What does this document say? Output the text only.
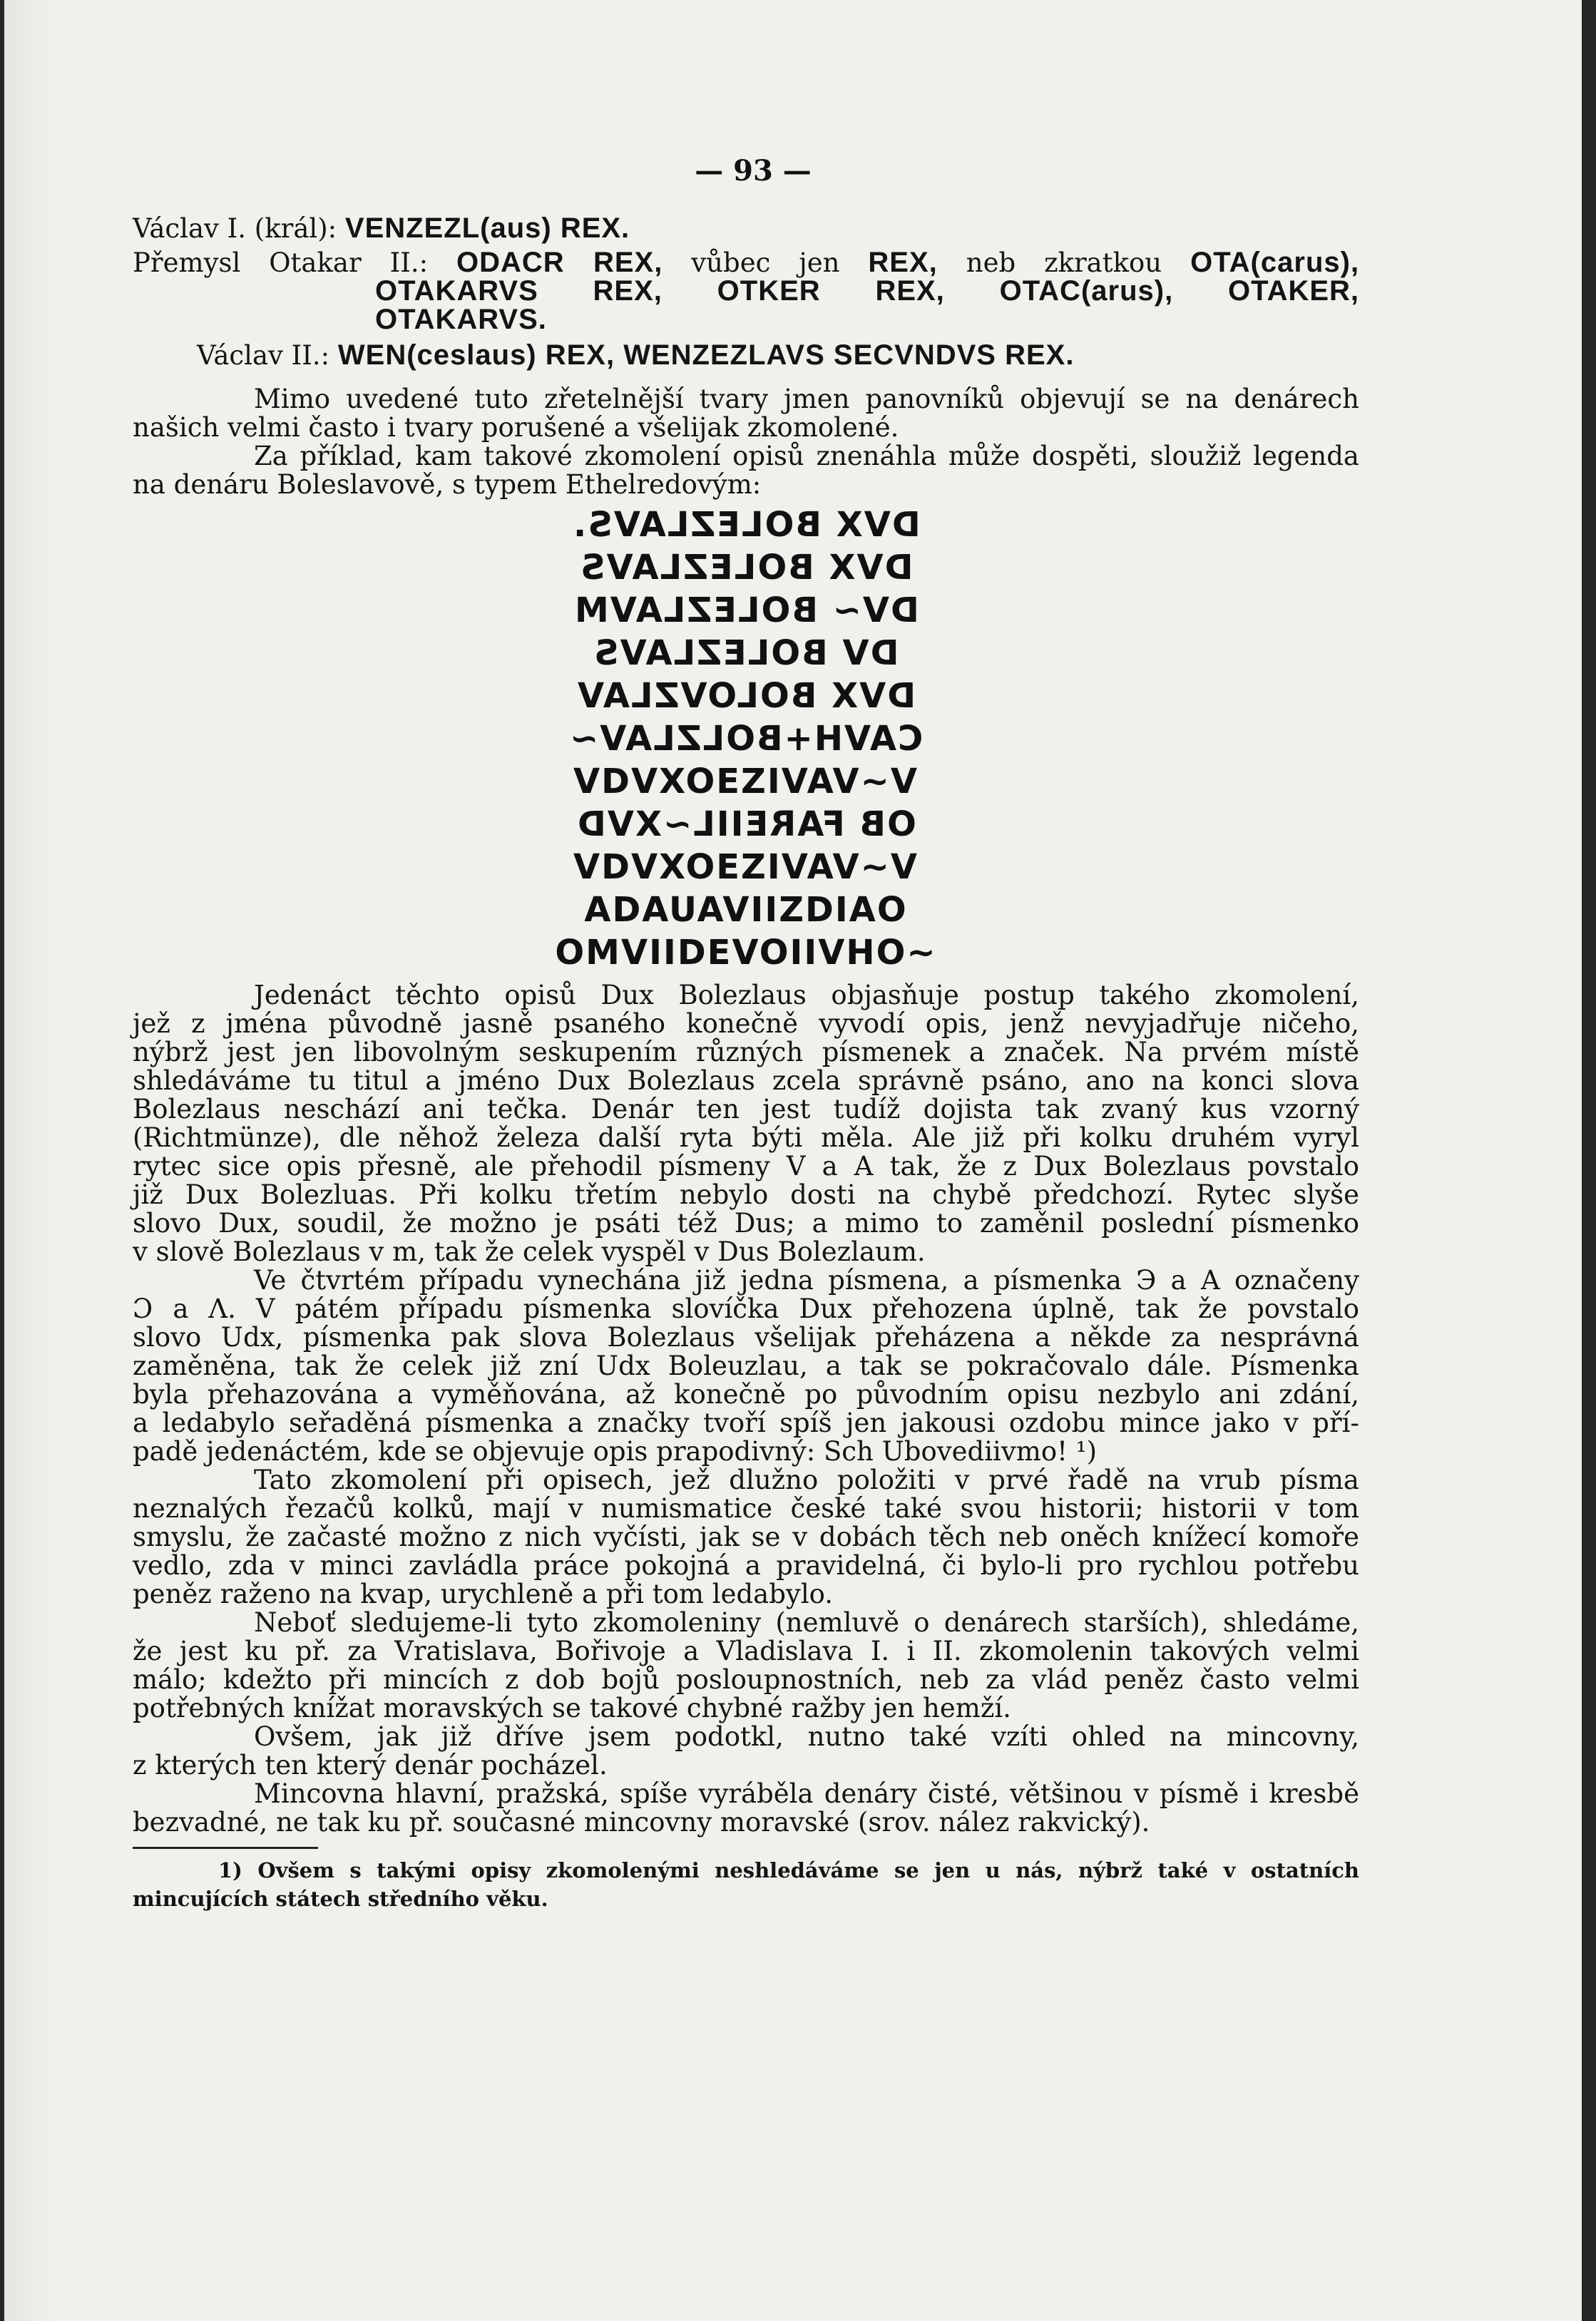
— 93 —
Václav I. (král): VENZEZL(aus) REX.
Přemysl Otakar II.: ODACR REX, vůbec jen REX, neb zkratkou OTA(carus),
OTAKARVS REX, OTKER REX, OTAC(arus), OTAKER,
OTAKARVS.
Václav II.: WEN(ceslaus) REX, WENZEZLAVS SECVNDVS REX.
Mimo uvedené tuto zřetelnější tvary jmen panovníků objevují se na denárech
našich velmi často i tvary porušené a všelijak zkomolené.
Za příklad, kam takové zkomolení opisů znenáhla může dospěti, sloužiž legenda
na denáru Boleslavově, s typem Ethelredovým:
DVX BOLEZLAVS.
DVX BOLEZLAVS
DV~ BOLEZLAVM
DV BOLEZLAVS
DVX BOLOVZLAV
CAVH+BOLZLAV~
VDVXOEZIVAV~V
OB FAREIIL~XVD
VDVXOEZIVAV~V
ADAUAVIIZDIAO
OMVIIDEVOIIVHO~
Jedenáct těchto opisů Dux Bolezlaus objasňuje postup takého zkomolení,
jež z jména původně jasně psaného konečně vyvodí opis, jenž nevyjadřuje ničeho,
nýbrž jest jen libovolným seskupením různých písmenek a značek. Na prvém místě
shledáváme tu titul a jméno Dux Bolezlaus zcela správně psáno, ano na konci slova
Bolezlaus neschází ani tečka. Denár ten jest tudíž dojista tak zvaný kus vzorný
(Richtmünze), dle něhož železa další ryta býti měla. Ale již při kolku druhém vyryl
rytec sice opis přesně, ale přehodil písmeny V a A tak, že z Dux Bolezlaus povstalo
již Dux Bolezluas. Při kolku třetím nebylo dosti na chybě předchozí. Rytec slyše
slovo Dux, soudil, že možno je psáti též Dus; a mimo to zaměnil poslední písmenko
v slově Bolezlaus v m, tak že celek vyspěl v Dus Bolezlaum.
Ve čtvrtém případu vynechána již jedna písmena, a písmenka Э a A označeny
Ɔ a Λ. V pátém případu písmenka slovíčka Dux přehozena úplně, tak že povstalo
slovo Udx, písmenka pak slova Bolezlaus všelijak přeházena a někde za nesprávná
zaměněna, tak že celek již zní Udx Boleuzlau, a tak se pokračovalo dále. Písmenka
byla přehazována a vyměňována, až konečně po původním opisu nezbylo ani zdání,
a ledabylo seřaděná písmenka a značky tvoří spíš jen jakousi ozdobu mince jako v pří-
padě jedenáctém, kde se objevuje opis prapodivný: Sch Ubovediivmo! ¹)
Tato zkomolení při opisech, jež dlužno položiti v prvé řadě na vrub písma
neznalých řezačů kolků, mají v numismatice české také svou historii; historii v tom
smyslu, že začasté možno z nich vyčísti, jak se v dobách těch neb oněch knížecí komoře
vedlo, zda v minci zavládla práce pokojná a pravidelná, či bylo-li pro rychlou potřebu
peněz raženo na kvap, urychleně a při tom ledabylo.
Neboť sledujeme-li tyto zkomoleniny (nemluvě o denárech starších), shledáme,
že jest ku př. za Vratislava, Bořivoje a Vladislava I. i II. zkomolenin takových velmi
málo; kdežto při mincích z dob bojů posloupnostních, neb za vlád peněz často velmi
potřebných knížat moravských se takové chybné ražby jen hemží.
Ovšem, jak již dříve jsem podotkl, nutno také vzíti ohled na mincovny,
z kterých ten který denár pocházel.
Mincovna hlavní, pražská, spíše vyráběla denáry čisté, většinou v písmě i kresbě
bezvadné, ne tak ku př. současné mincovny moravské (srov. nález rakvický).
1) Ovšem s takými opisy zkomolenými neshledáváme se jen u nás, nýbrž také v ostatních
mincujících státech středního věku.
